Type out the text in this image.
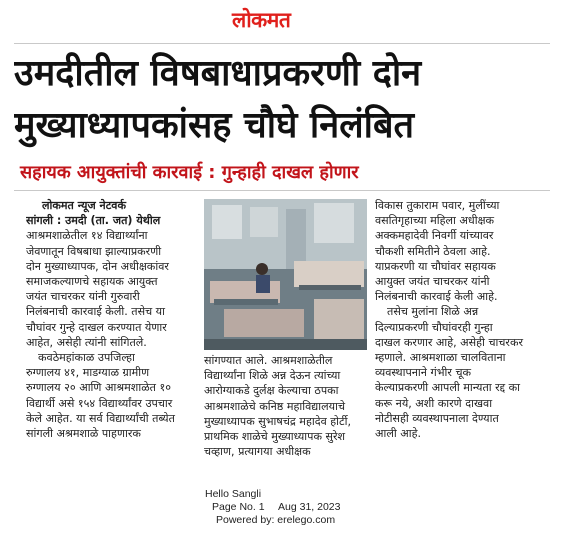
लोकमत
उमदीतील विषबाधाप्रकरणी दोन
मुख्याध्यापकांसह चौघे निलंबित
सहायक आयुक्तांची कारवाई : गुन्हाही दाखल होणार
लोकमत न्यूज नेटवर्क
सांगली : उमदी (ता. जत) येथील
आश्रमशाळेतील १४ विद्यार्थ्यांना
जेवणातून विषबाधा झाल्याप्रकरणी
दोन मुख्याध्यापक, दोन अधीक्षकांवर
समाजकल्याणचे सहायक आयुक्त
जयंत चाचरकर यांनी गुरुवारी
निलंबनाची कारवाई केली. तसेच या
चौघांवर गुन्हे दाखल करण्यात येणार
आहेत, असेही त्यांनी सांगितले.
कवठेमहांकाळ उपजिल्हा
रुग्णालय ४१, माडग्याळ ग्रामीण
रुग्णालय २० आणि आश्रमशाळेत १०
विद्यार्थी असे १५४ विद्यार्थ्यांवर उपचार
केले आहेत. या सर्व विद्यार्थ्यांची तब्येत
सांगली अश्रमशाळे पाहणारक
सांगण्यात आले. आश्रमशाळेतील
विद्यार्थ्यांना शिळे अन्न देऊन त्यांच्या
आरोग्याकडे दुर्लक्ष केल्याचा ठपका
आश्रमशाळेचे कनिष्ठ महाविद्यालयाचे
मुख्याध्यापक सुभाषचंद्र महादेव होर्टी,
प्राथमिक शाळेचे मुख्याध्यापक सुरेश
चव्हाण, प्रत्यागया अधीक्षक
विकास तुकाराम पवार, मुलींच्या
वसतिगृहाच्या महिला अधीक्षक
अक्कमहादेवी निवर्गी यांच्यावर
चौकशी समितीने ठेवला आहे.
याप्रकरणी या चौघांवर सहायक
आयुक्त जयंत चाचरकर यांनी
निलंबनाची कारवाई केली आहे.
तसेच मुलांना शिळे अन्न
दिल्याप्रकरणी चौघांवरही गुन्हा
दाखल करणार आहे, असेही चाचरकर
म्हणाले. आश्रमशाळा चालविताना
व्यवस्थापनाने गंभीर चूक
केल्याप्रकरणी आपली मान्यता रद्द का
करू नये, अशी कारणे दाखवा
नोटीसही व्यवस्थापनाला देण्यात
आली आहे.
Hello Sangli
Page No. 1 Aug 31, 2023
Powered by: erelego.com
